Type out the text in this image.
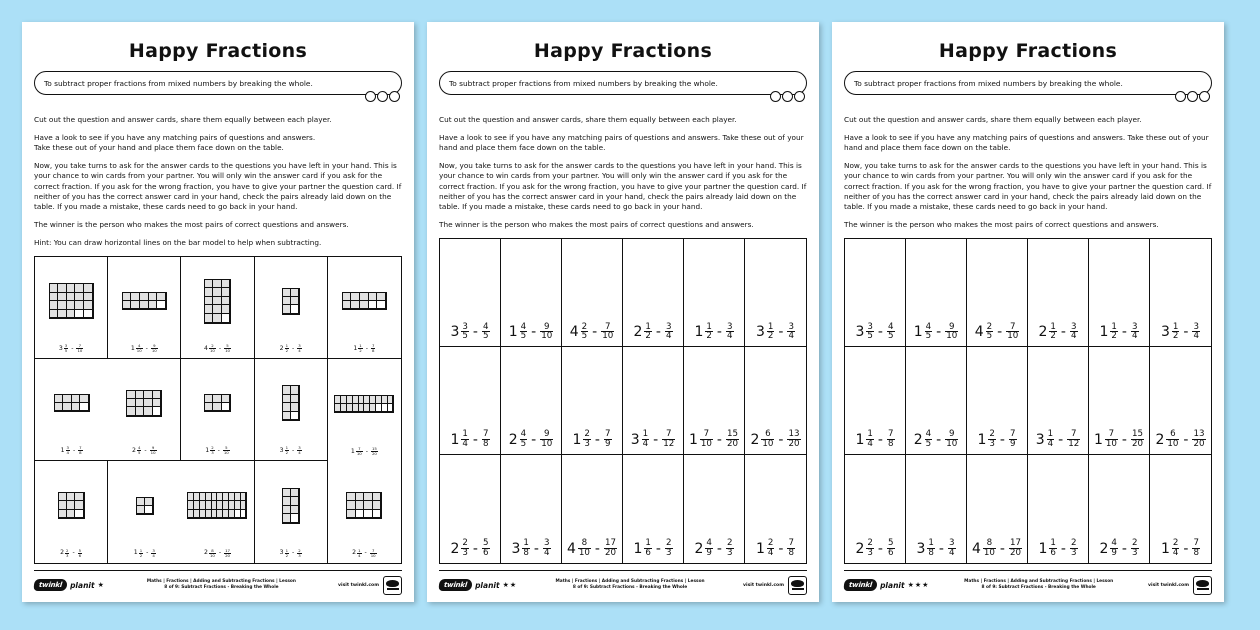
Happy Fractions
To subtract proper fractions from mixed numbers by breaking the whole.

Cut out the question and answer cards, share them equally between each player.

Have a look to see if you have any matching pairs of questions and answers.
Take these out of your hand and place them face down on the table.

Now, you take turns to ask for the answer cards to the questions you have left in your hand. This is your chance to win cards from your partner. You will only win the answer card if you ask for the correct fraction. If you ask for the wrong fraction, you have to give your partner the question card. If neither of you has the correct answer card in your hand, check the pairs already laid down on the table. If you made a mistake, these cards need to go back in your hand.

The winner is the person who makes the most pairs of correct questions and answers.

Hint: You can draw horizontal lines on the bar model to help when subtracting.

$3 \frac{3}{5} - \frac{7}{10}$	$1 \frac{4}{10} - \frac{9}{10}$	$4 \frac{2}{10} - \frac{5}{10}$	$2 \frac{1}{2} - \frac{3}{4}$	$1 \frac{1}{2} - \frac{7}{8}$
$1 \frac{3}{4} - \frac{7}{8}$	$2 \frac{4}{5} - \frac{9}{10}$	$1 \frac{2}{3} - \frac{5}{10}$	$3 \frac{1}{2} - \frac{3}{4}$	$1 \frac{7}{10} - \frac{15}{20}$
$2 \frac{2}{3} - \frac{5}{6}$	$1 \frac{1}{2} - \frac{3}{4}$	$2 \frac{8}{10} - \frac{17}{20}$	$3 \frac{1}{2} - \frac{2}{3}$	$2 \frac{1}{4} - \frac{7}{10}$
twinkl	planit ★	Maths | Fractions | Adding and Subtracting Fractions | Lesson
8 of 9: Subtract Fractions - Breaking the Whole	visit twinkl.com
Happy Fractions
To subtract proper fractions from mixed numbers by breaking the whole.

Cut out the question and answer cards, share them equally between each player.

Have a look to see if you have any matching pairs of questions and answers. Take these out of your hand and place them face down on the table.

Now, you take turns to ask for the answer cards to the questions you have left in your hand. This is your chance to win cards from your partner. You will only win the answer card if you ask for the correct fraction. If you ask for the wrong fraction, you have to give your partner the question card. If neither of you has the correct answer card in your hand, check the pairs already laid down on the table. If you made a mistake, these cards need to go back in your hand.

The winner is the person who makes the most pairs of correct questions and answers.

$3 \frac{3}{5} - \frac{4}{5} 1 \frac{4}{5} - \frac{9}{10} 4 \frac{2}{5} - \frac{7}{10} 2 \frac{1}{2} - \frac{3}{4} 1 \frac{1}{2} - \frac{3}{4} 3 \frac{1}{2} - \frac{3}{4}$
$1 \frac{1}{4} - \frac{7}{8} 2 \frac{4}{5} - \frac{9}{10} 1 \frac{2}{3} - \frac{7}{9} 3 \frac{1}{4} - \frac{7}{12} 1 \frac{7}{10} - \frac{15}{20} 2 \frac{6}{10} - \frac{13}{20}$
$2 \frac{2}{3} - \frac{5}{6} 3 \frac{1}{8} - \frac{3}{4} 4 \frac{8}{10} - \frac{17}{20} 1 \frac{1}{6} - \frac{2}{3} 2 \frac{4}{9} - \frac{2}{3} 1 \frac{2}{4} - \frac{7}{8}$
twinkl	planit ★★	Maths | Fractions | Adding and Subtracting Fractions | Lesson
8 of 9: Subtract Fractions - Breaking the Whole	visit twinkl.com
Happy Fractions
To subtract proper fractions from mixed numbers by breaking the whole.

Cut out the question and answer cards, share them equally between each player.

Have a look to see if you have any matching pairs of questions and answers. Take these out of your hand and place them face down on the table.

Now, you take turns to ask for the answer cards to the questions you have left in your hand. This is your chance to win cards from your partner. You will only win the answer card if you ask for the correct fraction. If you ask for the wrong fraction, you have to give your partner the question card. If neither of you has the correct answer card in your hand, check the pairs already laid down on the table. If you made a mistake, these cards need to go back in your hand.

The winner is the person who makes the most pairs of correct questions and answers.

$3 \frac{3}{5} - \frac{4}{5} 1 \frac{4}{5} - \frac{9}{10} 4 \frac{2}{5} - \frac{7}{10} 2 \frac{1}{2} - \frac{3}{4} 1 \frac{1}{2} - \frac{3}{4} 3 \frac{1}{2} - \frac{3}{4}$
$1 \frac{1}{4} - \frac{7}{8} 2 \frac{4}{5} - \frac{9}{10} 1 \frac{2}{3} - \frac{7}{9} 3 \frac{1}{4} - \frac{7}{12} 1 \frac{7}{10} - \frac{15}{20} 2 \frac{6}{10} - \frac{13}{20}$
$2 \frac{2}{3} - \frac{5}{6} 3 \frac{1}{8} - \frac{3}{4} 4 \frac{8}{10} - \frac{17}{20} 1 \frac{1}{6} - \frac{2}{3} 2 \frac{4}{9} - \frac{2}{3} 1 \frac{2}{4} - \frac{7}{8}$
twinkl	planit ★★★	Maths | Fractions | Adding and Subtracting Fractions | Lesson
8 of 9: Subtract Fractions - Breaking the Whole	visit twinkl.com
